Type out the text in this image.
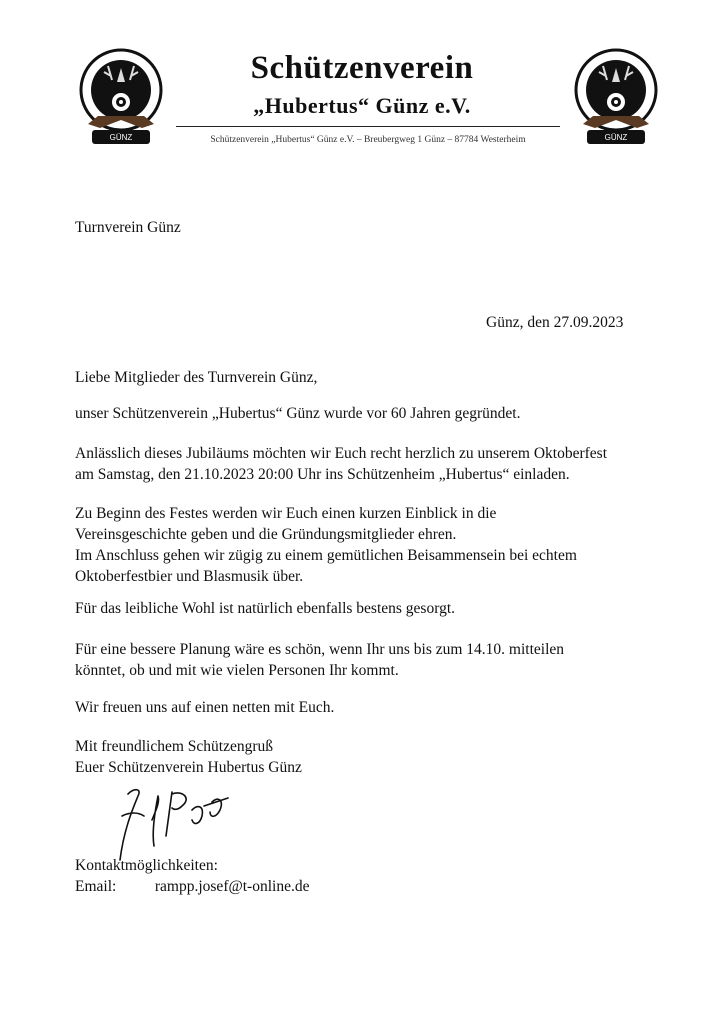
GÜNZ	GÜNZ
Schützenverein
„Hubertus“ Günz e.V.
Schützenverein „Hubertus“ Günz e.V. – Breubergweg 1 Günz – 87784 Westerheim
Turnverein Günz
Günz, den 27.09.2023
Liebe Mitglieder des Turnverein Günz,
unser Schützenverein „Hubertus“ Günz wurde vor 60 Jahren gegründet.
Anlässlich dieses Jubiläums möchten wir Euch recht herzlich zu unserem Oktoberfest
am Samstag, den 21.10.2023 20:00 Uhr ins Schützenheim „Hubertus“ einladen.
Zu Beginn des Festes werden wir Euch einen kurzen Einblick in die
Vereinsgeschichte geben und die Gründungsmitglieder ehren.
Im Anschluss gehen wir zügig zu einem gemütlichen Beisammensein bei echtem
Oktoberfestbier und Blasmusik über.
Für das leibliche Wohl ist natürlich ebenfalls bestens gesorgt.
Für eine bessere Planung wäre es schön, wenn Ihr uns bis zum 14.10. mitteilen
könntet, ob und mit wie vielen Personen Ihr kommt.
Wir freuen uns auf einen netten mit Euch.
Mit freundlichem Schützengruß
Euer Schützenverein Hubertus Günz
Kontaktmöglichkeiten:
Email: rampp.josef@t-online.de
